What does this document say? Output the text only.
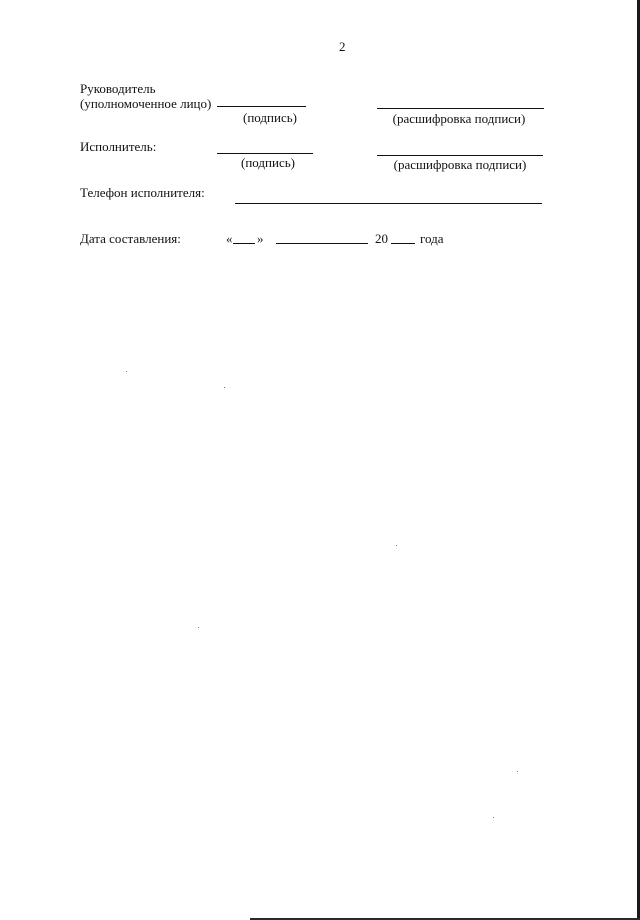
2
Руководитель
(уполномоченное лицо)
(подпись)	(расшифровка подписи)
Исполнитель:
(подпись)	(расшифровка подписи)
Телефон исполнителя:
Дата составления:	« »	20 года
